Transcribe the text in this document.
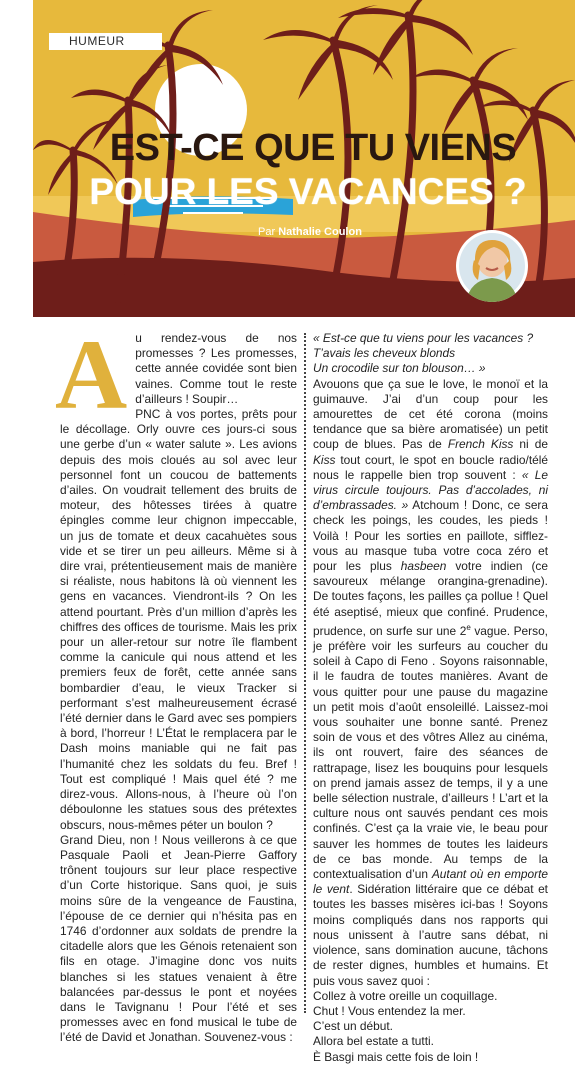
HUMEUR
EST-CE QUE TU VIENS
POUR LES VACANCES ?
Par Nathalie Coulon
A u rendez-vous de nos promesses ? Les promesses, cette année covidée sont bien vaines. Comme tout le reste d’ailleurs ! Soupir…

PNC à vos portes, prêts pour le décollage. Orly ouvre ces jours-ci sous une gerbe d’un « water salute ». Les avions depuis des mois cloués au sol avec leur personnel font un coucou de battements d’ailes. On voudrait tellement des bruits de moteur, des hôtesses tirées à quatre épingles comme leur chignon impeccable, un jus de tomate et deux cacahuètes sous vide et se tirer un peu ailleurs. Même si à dire vrai, prétentieusement mais de manière si réaliste, nous habitons là où viennent les gens en vacances. Viendront-ils ? On les attend pourtant. Près d’un million d’après les chiffres des offices de tourisme. Mais les prix pour un aller-retour sur notre île flambent comme la canicule qui nous attend et les premiers feux de forêt, cette année sans bombardier d’eau, le vieux Tracker si performant s’est malheureusement écrasé l’été dernier dans le Gard avec ses pompiers à bord, l’horreur ! L’État le remplacera par le Dash moins maniable qui ne fait pas l’humanité chez les soldats du feu. Bref ! Tout est compliqué ! Mais quel été ? me direz-vous. Allons-nous, à l’heure où l’on déboulonne les statues sous des prétextes obscurs, nous-mêmes péter un boulon ?

Grand Dieu, non ! Nous veillerons à ce que Pasquale Paoli et Jean-Pierre Gaffory trônent toujours sur leur place respective d’un Corte historique. Sans quoi, je suis moins sûre de la vengeance de Faustina, l’épouse de ce dernier qui n’hésita pas en 1746 d’ordonner aux soldats de prendre la citadelle alors que les Génois retenaient son fils en otage. J’imagine donc vos nuits blanches si les statues venaient à être balancées par-dessus le pont et noyées dans le Tavignanu ! Pour l’été et ses promesses avec en fond musical le tube de l’été de David et Jonathan. Souvenez-vous :

« Est-ce que tu viens pour les vacances ?
T’avais les cheveux blonds
Un crocodile sur ton blouson… »

Avouons que ça sue le love, le monoï et la guimauve. J’ai d’un coup pour les amourettes de cet été corona (moins tendance que sa bière aromatisée) un petit coup de blues. Pas de French Kiss ni de Kiss tout court, le spot en boucle radio/télé nous le rappelle bien trop souvent : « Le virus circule toujours. Pas d’accolades, ni d’embrassades. » Atchoum ! Donc, ce sera check les poings, les coudes, les pieds ! Voilà ! Pour les sorties en paillote, sifflez-vous au masque tuba votre coca zéro et pour les plus hasbeen votre indien (ce savoureux mélange orangina-grenadine). De toutes façons, les pailles ça pollue ! Quel été aseptisé, mieux que confiné. Prudence, prudence, on surfe sur une 2e vague. Perso, je préfère voir les surfeurs au coucher du soleil à Capo di Feno . Soyons raisonnable, il le faudra de toutes manières. Avant de vous quitter pour une pause du magazine un petit mois d’août ensoleillé. Laissez-moi vous souhaiter une bonne santé. Prenez soin de vous et des vôtres Allez au cinéma, ils ont rouvert, faire des séances de rattrapage, lisez les bouquins pour lesquels on prend jamais assez de temps, il y a une belle sélection nustrale, d’ailleurs ! L’art et la culture nous ont sauvés pendant ces mois confinés. C’est ça la vraie vie, le beau pour sauver les hommes de toutes les laideurs de ce bas monde. Au temps de la contextualisation d’un Autant où en emporte le vent. Sidération littéraire que ce débat et toutes les basses misères ici-bas ! Soyons moins compliqués dans nos rapports qui nous unissent à l’autre sans débat, ni violence, sans domination aucune, tâchons de rester dignes, humbles et humains. Et puis vous savez quoi :

Collez à votre oreille un coquillage.
Chut ! Vous entendez la mer.
C’est un début.
Allora bel estate a tutti.
È Basgi mais cette fois de loin !
